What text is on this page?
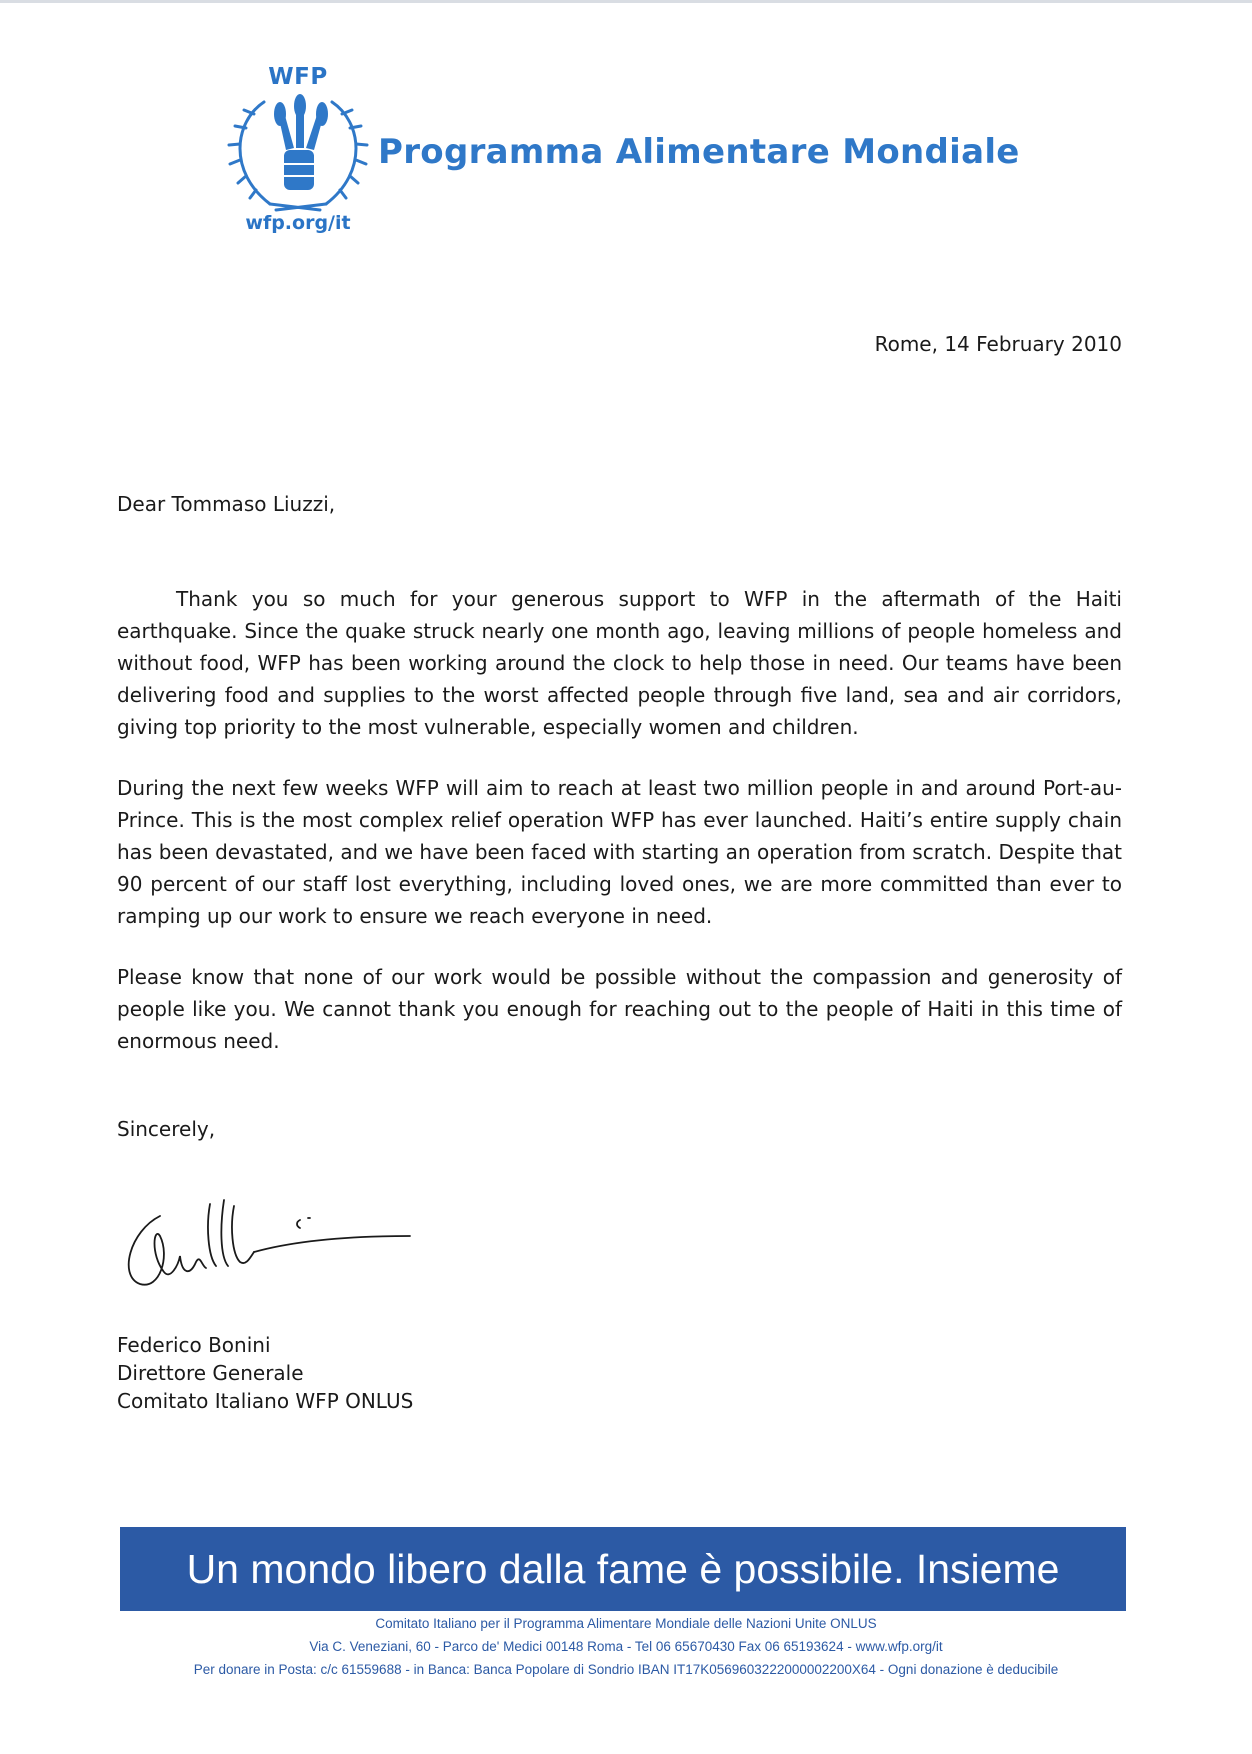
WFP
wfp.org/it
Programma Alimentare Mondiale
Rome, 14 February 2010
Dear Tommaso Liuzzi,

Thank you so much for your generous support to WFP in the aftermath of the Haiti earthquake. Since the quake struck nearly one month ago, leaving millions of people homeless and without food, WFP has been working around the clock to help those in need. Our teams have been delivering food and supplies to the worst affected people through five land, sea and air corridors, giving top priority to the most vulnerable, especially women and children.

During the next few weeks WFP will aim to reach at least two million people in and around Port-au-Prince. This is the most complex relief operation WFP has ever launched. Haiti’s entire supply chain has been devastated, and we have been faced with starting an operation from scratch. Despite that 90 percent of our staff lost everything, including loved ones, we are more committed than ever to ramping up our work to ensure we reach everyone in need.

Please know that none of our work would be possible without the compassion and generosity of people like you. We cannot thank you enough for reaching out to the people of Haiti in this time of enormous need.

Sincerely,
Federico Bonini
Direttore Generale
Comitato Italiano WFP ONLUS
Un mondo libero dalla fame è possibile. Insieme
Comitato Italiano per il Programma Alimentare Mondiale delle Nazioni Unite ONLUS
Via C. Veneziani, 60 - Parco de' Medici 00148 Roma - Tel 06 65670430 Fax 06 65193624 - www.wfp.org/it
Per donare in Posta: c/c 61559688 - in Banca: Banca Popolare di Sondrio IBAN IT17K0569603222000002200X64 - Ogni donazione è deducibile
